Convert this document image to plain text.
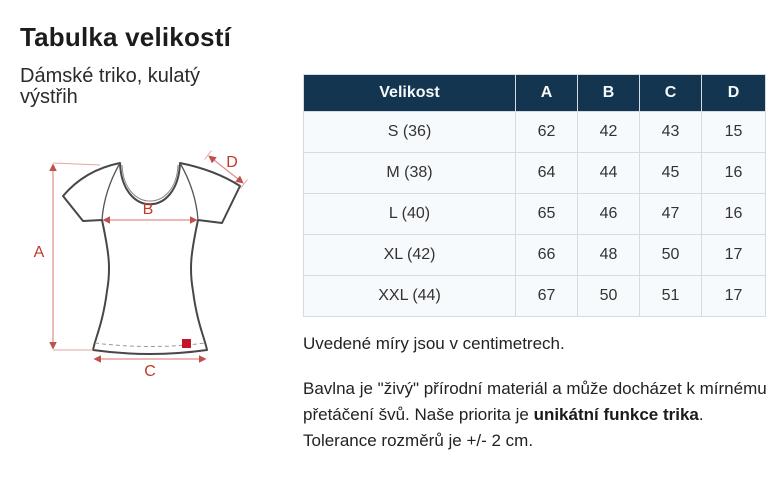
Tabulka velikostí
Dámské triko, kulatý
výstřih
A
B
C
D
Velikost	A	B	C	D
S (36)	62	42	43	15
M (38)	64	44	45	16
L (40)	65	46	47	16
XL (42)	66	48	50	17
XXL (44)	67	50	51	17
Uvedené míry jsou v centimetrech.
Bavlna je "živý" přírodní materiál a může docházet k mírnému
přetáčení švů. Naše priorita je unikátní funkce trika.
Tolerance rozměrů je +/- 2 cm.
